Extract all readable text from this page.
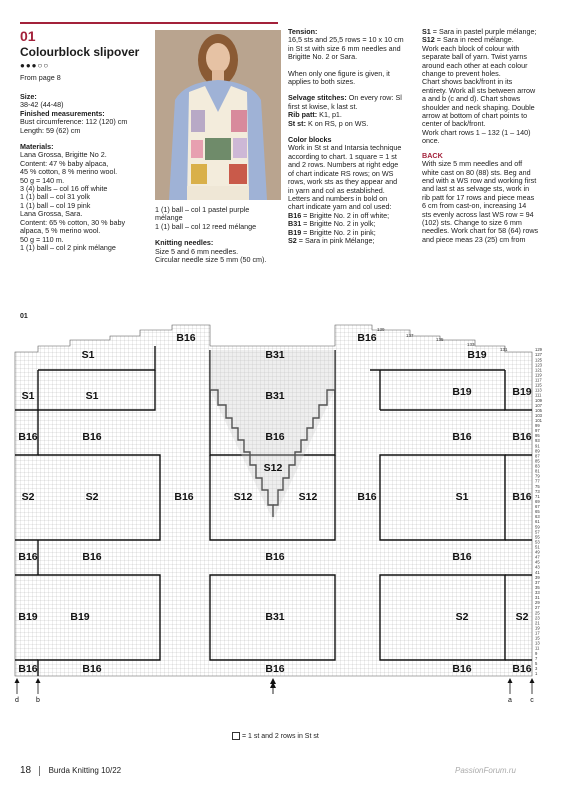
01
Colourblock slipover
●●●○○
From page 8

Size:

38-42 (44-48)

Finished measurements:

Bust circumference: 112 (120) cm

Length: 59 (62) cm

Materials:

Lana Grossa, Brigitte No 2.

Content: 47 % baby alpaca,

45 % cotton, 8 % merino wool.

50 g = 140 m.

3 (4) balls – col 16 off white

1 (1) ball – col 31 yolk

1 (1) ball – col 19 pink

Lana Grossa, Sara.

Content: 65 % cotton, 30 % baby

alpaca, 5 % merino wool.

50 g = 110 m.

1 (1) ball – col 2 pink mélange

1 (1) ball – col 1 pastel purple

mélange

1 (1) ball – col 12 reed mélange

Knitting needles:

Size 5 and 6 mm needles.

Circular needle size 5 mm (50 cm).

Tension:

16,5 sts and 25,5 rows = 10 x 10 cm

in St st with size 6 mm needles and

Brigitte No. 2 or Sara.

When only one figure is given, it

applies to both sizes.

Selvage stitches: On every row: Sl

first st kwise, k last st.

Rib patt: K1, p1.

St st: K on RS, p on WS.

Color blocks

Work in St st and Intarsia technique

according to chart. 1 square = 1 st

and 2 rows. Numbers at right edge

of chart indicate RS rows; on WS

rows, work sts as they appear and

in yarn and col as established.

Letters and numbers in bold on

chart indicate yarn and col used:

B16 = Brigitte No. 2 in off white;

B31 = Brigitte No. 2 in yolk;

B19 = Brigitte No. 2 in pink;

S2 = Sara in pink Mélange;

S1 = Sara in pastel purple mélange;

S12 = Sara in reed mélange.

Work each block of colour with

separate ball of yarn. Twist yarns

around each other at each colour

change to prevent holes.

Chart shows back/front in its

entirety. Work all sts between arrow

a and b (c and d). Chart shows

shoulder and neck shaping. Double

arrow at bottom of chart points to

center of back/front.

Work chart rows 1 – 132 (1 – 140)

once.

BACK

With size 5 mm needles and off

white cast on 80 (88) sts. Beg and

end with a WS row and working first

and last st as selvage sts, work in

rib patt for 17 rows and piece meas

6 cm from cast-on, increasing 14

sts evenly across last WS row = 94

(102) sts. Change to size 6 mm

needles. Work chart for 58 (64) rows

and piece meas 23 (25) cm from

01
B16	B16
S1	B31	B19
S1	S1	B31	B19	B19
B16	B16	B16	B16	B16
S12
S2	S2	B16	S12	S12	B16	S1	B16
B16	B16	B16	B16
B19	B19	B31	S2	S2
B16	B16	B16	B16	B16
139
137
135
133
131
1
3
5
7
9
11
13
15
17
19
21
23
25
27
29
31
33
35
37
39
41
43
45
47
49
51
53
55
57
59
61
63
65
67
69
71
73
75
77
79
81
83
85
87
89
91
93
95
97
99
101
103
105
107
109
111
113
115
117
119
121
123
125
127
129
d b	a	c
= 1 st and 2 rows in St st
18 Burda Knitting 10/22	PassionForum.ru
